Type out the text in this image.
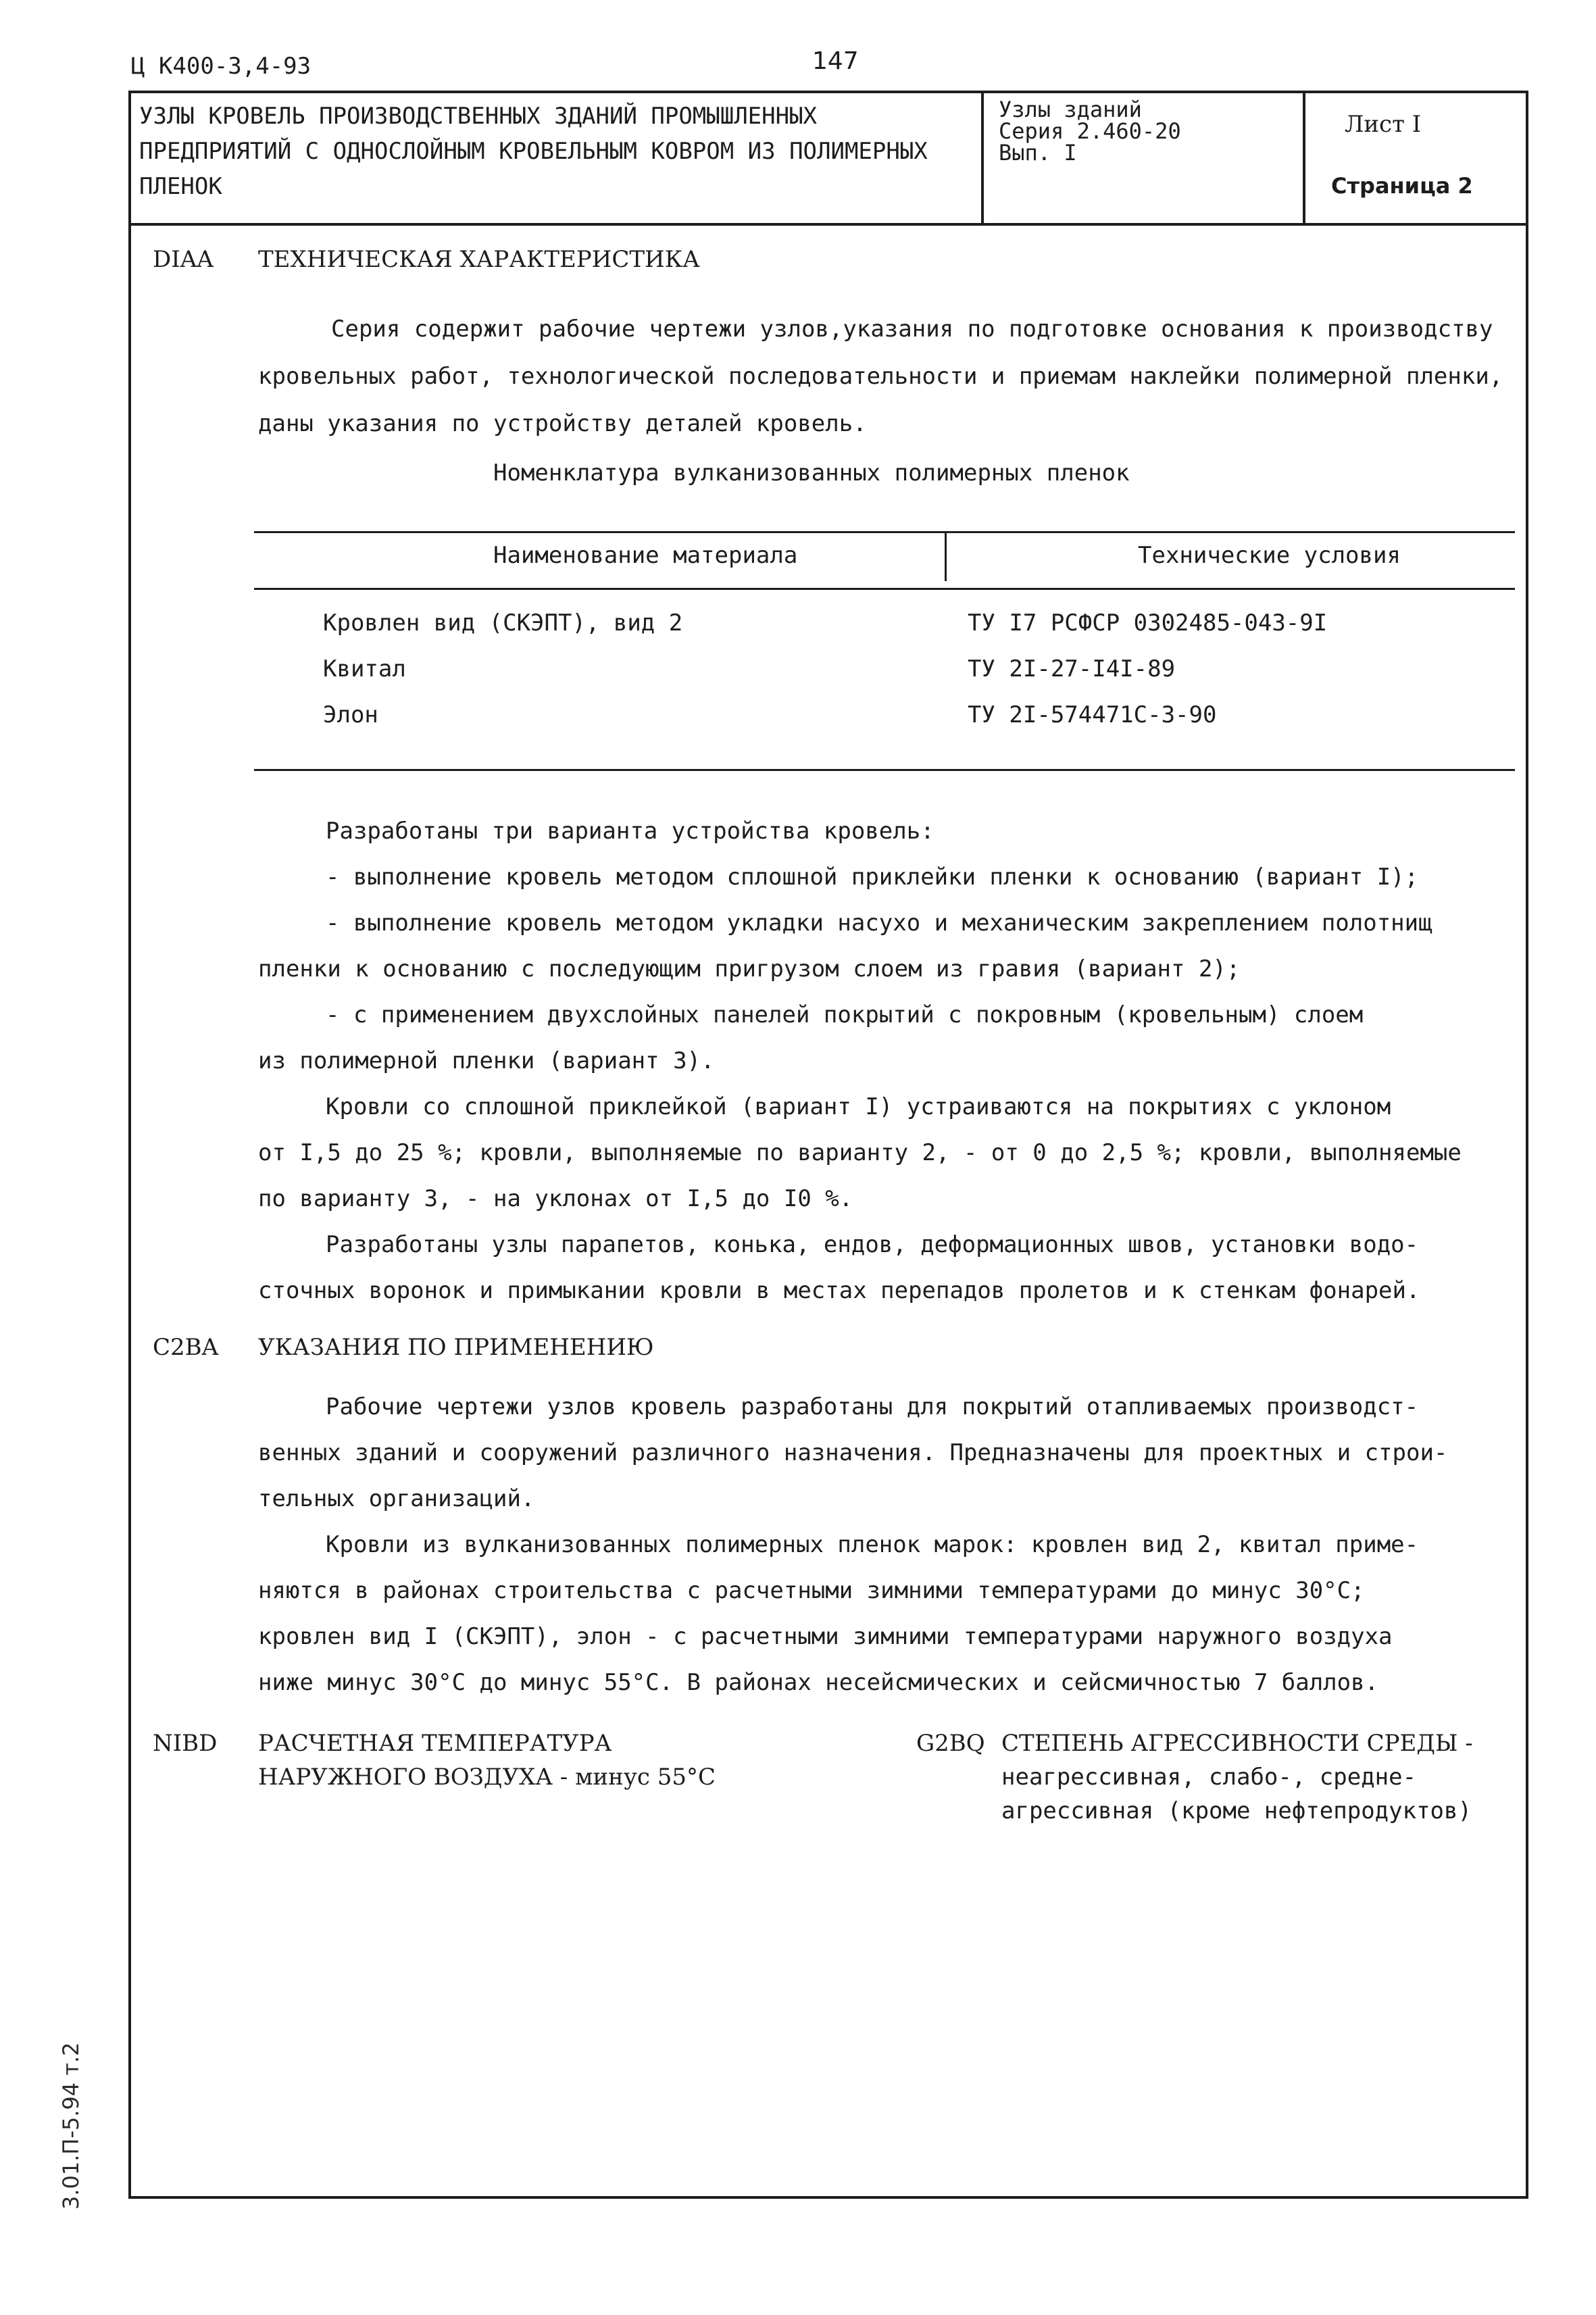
Ц К400-3,4-93	147
УЗЛЫ КРОВЕЛЬ ПРОИЗВОДСТВЕННЫХ ЗДАНИЙ ПРОМЫШЛЕННЫХ ПРЕДПРИЯТИЙ С ОДНОСЛОЙНЫМ КРОВЕЛЬНЫМ КОВРОМ ИЗ ПОЛИМЕРНЫХ ПЛЕНОК
Узлы зданий
Серия 2.460-20
Вып. I
Лист I
Страница 2
DIAA ТЕХНИЧЕСКАЯ ХАРАКТЕРИСТИКА
Серия содержит рабочие чертежи узлов,указания по подготовке основания к производству кровельных работ, технологической последовательности и приемам наклейки полимерной пленки, даны указания по устройству деталей кровель.
Номенклатура вулканизованных полимерных пленок
Наименование материала	Технические условия
Кровлен вид (СКЭПТ), вид 2	ТУ I7 РСФСР 0302485-043-9I
Квитал	ТУ 2I-27-I4I-89
Элон	ТУ 2I-574471С-3-90
Разработаны три варианта устройства кровель:
- выполнение кровель методом сплошной приклейки пленки к основанию (вариант I);
- выполнение кровель методом укладки насухо и механическим закреплением полотнищ
пленки к основанию с последующим пригрузом слоем из гравия (вариант 2);
- с применением двухслойных панелей покрытий с покровным (кровельным) слоем
из полимерной пленки (вариант 3).
Кровли со сплошной приклейкой (вариант I) устраиваются на покрытиях с уклоном
от I,5 до 25 %; кровли, выполняемые по варианту 2, - от 0 до 2,5 %; кровли, выполняемые
по варианту 3, - на уклонах от I,5 до I0 %.
Разработаны узлы парапетов, конька, ендов, деформационных швов, установки водо-
сточных воронок и примыкании кровли в местах перепадов пролетов и к стенкам фонарей.
C2BA УКАЗАНИЯ ПО ПРИМЕНЕНИЮ
Рабочие чертежи узлов кровель разработаны для покрытий отапливаемых производст-
венных зданий и сооружений различного назначения. Предназначены для проектных и строи-
тельных организаций.
Кровли из вулканизованных полимерных пленок марок: кровлен вид 2, квитал приме-
няются в районах строительства с расчетными зимними температурами до минус 30°C;
кровлен вид I (СКЭПТ), элон - с расчетными зимними температурами наружного воздуха
ниже минус 30°C до минус 55°C. В районах несейсмических и сейсмичностью 7 баллов.
NIBD РАСЧЕТНАЯ ТЕМПЕРАТУРА
НАРУЖНОГО ВОЗДУХА - минус 55°C
G2BQ СТЕПЕНЬ АГРЕССИВНОСТИ СРЕДЫ -
неагрессивная, слабо-, средне-
агрессивная (кроме нефтепродуктов)
3.01.П-5.94 т.2
